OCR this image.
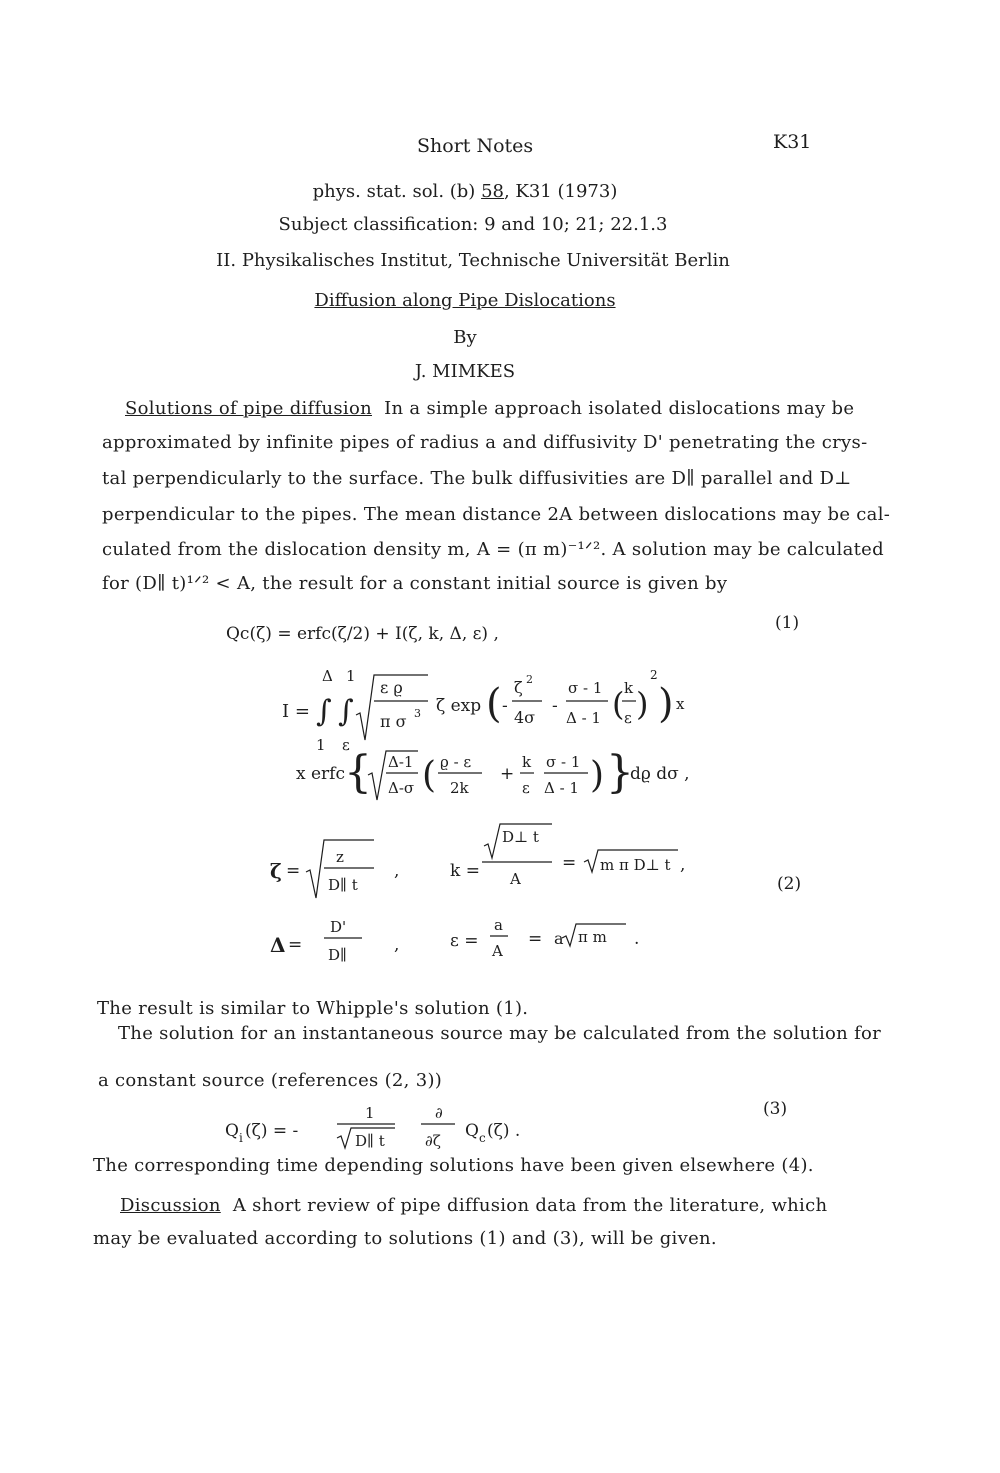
Short Notes	K31
phys. stat. sol. (b) 58, K31 (1973)
Subject classification: 9 and 10; 21; 22.1.3
II. Physikalisches Institut, Technische Universität Berlin
Diffusion along Pipe Dislocations
By
J. MIMKES
Solutions of pipe diffusion In a simple approach isolated dislocations may be
approximated by infinite pipes of radius a and diffusivity D' penetrating the crys-
tal perpendicularly to the surface. The bulk diffusivities are D∥ parallel and D⊥
perpendicular to the pipes. The mean distance 2A between dislocations may be cal-
culated from the dislocation density m, A = (π m)⁻¹ᐟ². A solution may be calculated
for (D∥ t)¹ᐟ² < A, the result for a constant initial source is given by
Qc(ζ) = erfc(ζ/2) + I(ζ, k, Δ, ε) ,
(1)
I =
Δ
∫
1
1
∫
ε
ε ϱ
π σ 3 ζ exp ( -
ζ 2
4σ
-
σ - 1
Δ - 1 ( k
ε )
2
) x
x erfc { Δ-1
Δ-σ ( ϱ - ε
2k
+
k
ε
σ - 1
Δ - 1 ) }
dϱ dσ ,
ζ =
z
D∥ t
,	k =
D⊥ t
A
= m π D⊥ t ,
Δ =
D'
D∥	,	ε =
a
A
= a π m .
(2)
The result is similar to Whipple's solution (1).
The solution for an instantaneous source may be calculated from the solution for
a constant source (references (2, 3))
Q i (ζ) = -
1
D∥ t
∂
∂ζ Q c (ζ) .
(3)
The corresponding time depending solutions have been given elsewhere (4).
Discussion A short review of pipe diffusion data from the literature, which
may be evaluated according to solutions (1) and (3), will be given.
